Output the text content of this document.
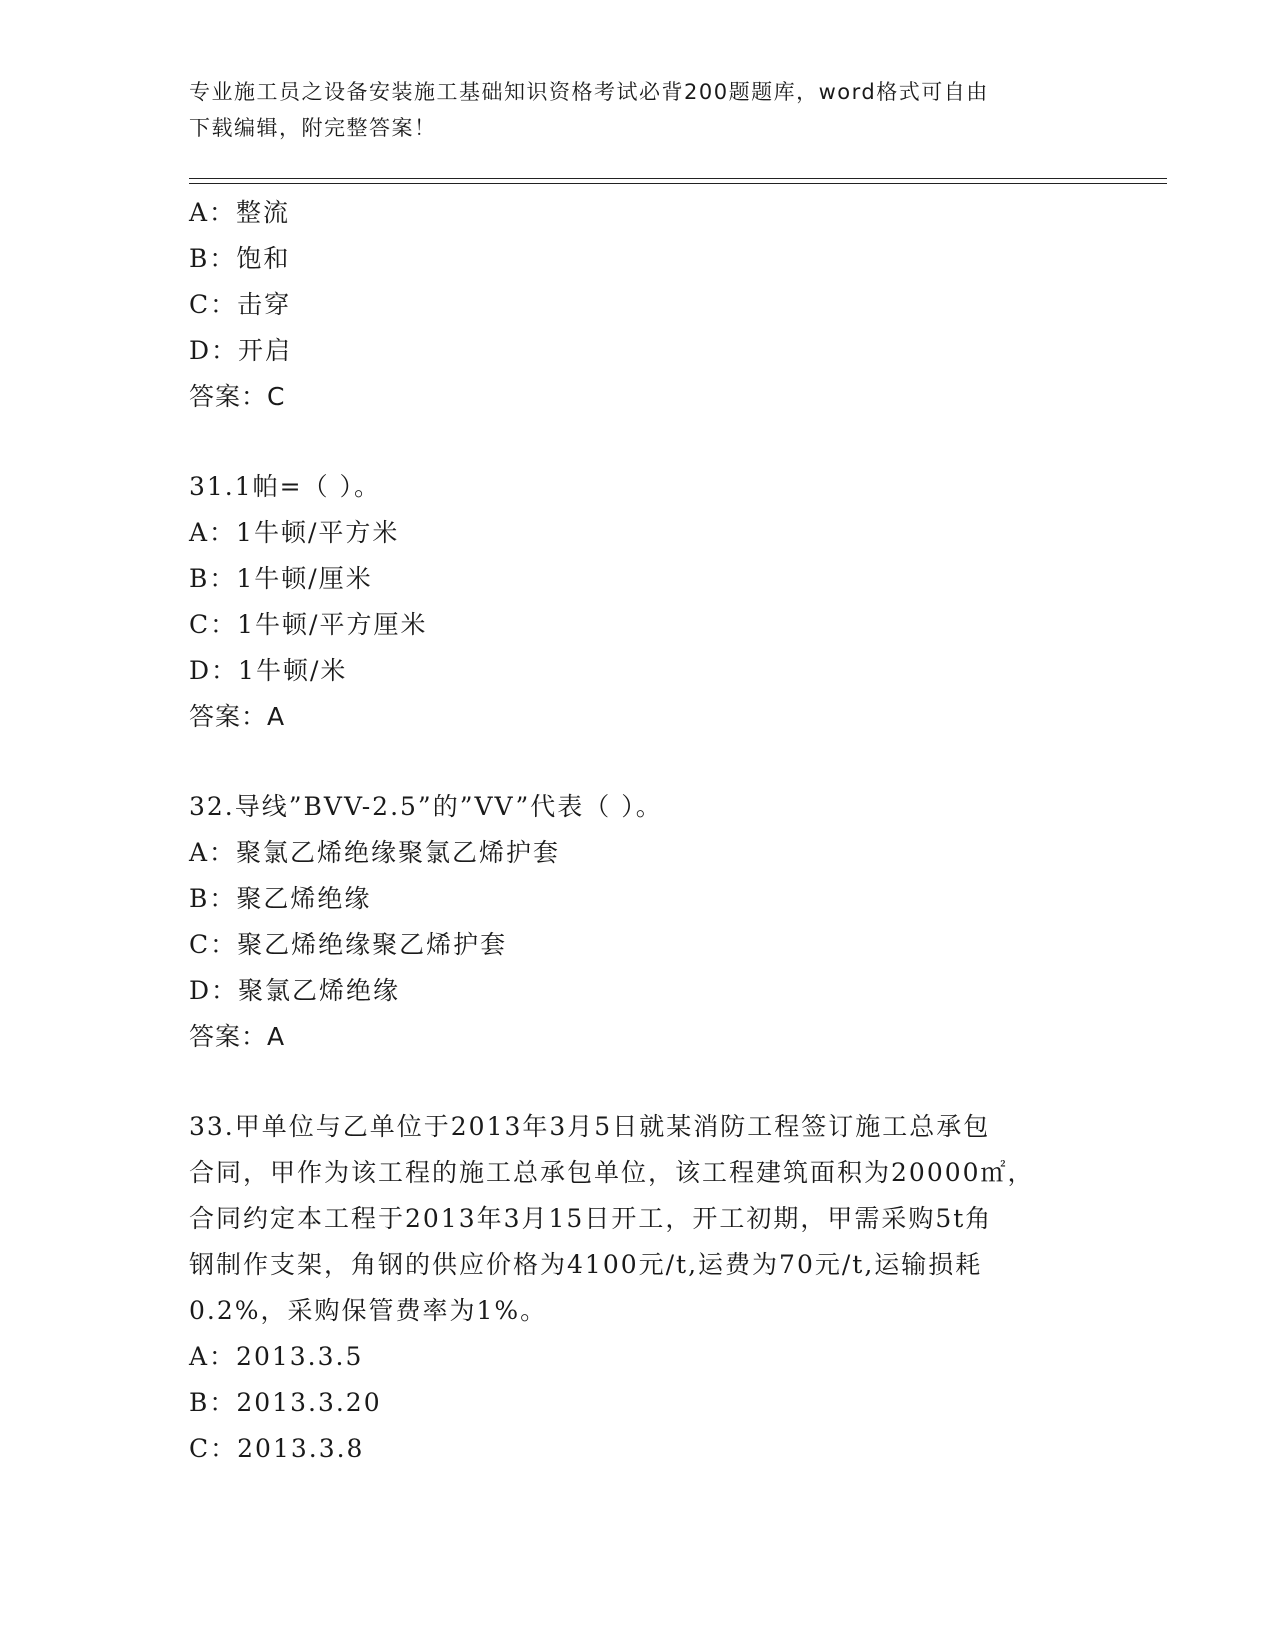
专业施工员之设备安装施工基础知识资格考试必背200题题库，word格式可自由
下载编辑，附完整答案！
A：整流
B：饱和
C：击穿
D：开启
答案：C
31.1帕=（ ）。
A：1牛顿/平方米
B：1牛顿/厘米
C：1牛顿/平方厘米
D：1牛顿/米
答案：A
32.导线”BVV-2.5”的”VV”代表（ ）。
A：聚氯乙烯绝缘聚氯乙烯护套
B：聚乙烯绝缘
C：聚乙烯绝缘聚乙烯护套
D：聚氯乙烯绝缘
答案：A
33.甲单位与乙单位于2013年3月5日就某消防工程签订施工总承包
合同，甲作为该工程的施工总承包单位，该工程建筑面积为20000㎡，
合同约定本工程于2013年3月15日开工，开工初期，甲需采购5t角
钢制作支架，角钢的供应价格为4100元/t,运费为70元/t,运输损耗
0.2%，采购保管费率为1%。
A：2013.3.5
B：2013.3.20
C：2013.3.8
